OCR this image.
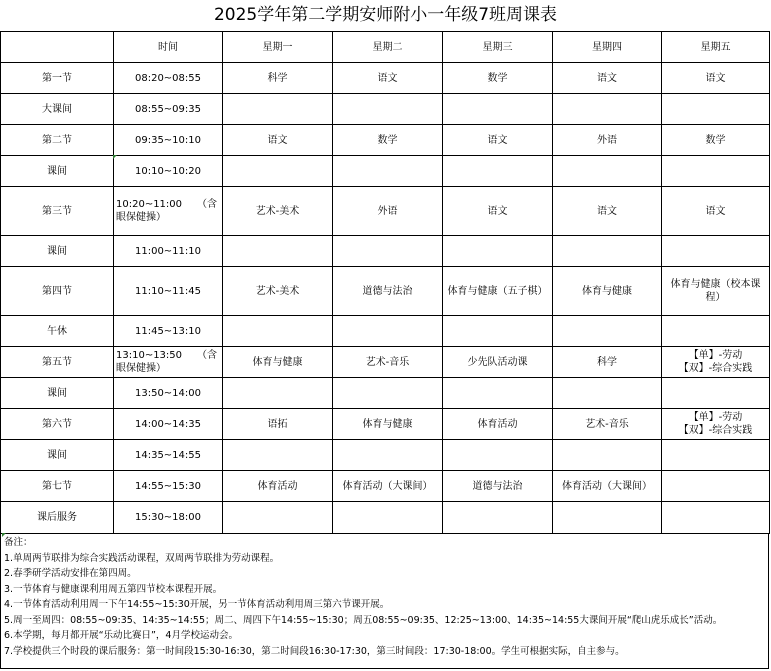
2025学年第二学期安师附小一年级7班周课表
	时间	星期一	星期二	星期三	星期四	星期五
第一节	08:20~08:55	科学	语文	数学	语文	语文
大课间	08:55~09:35					
第二节	09:35~10:10	语文	数学	语文	外语	数学
课间	10:10~10:20					
第三节	10:20~11:00　　（含眼保健操）	艺术-美术	外语	语文	语文	语文
课间	11:00~11:10					
第四节	11:10~11:45	艺术-美术	道德与法治	体育与健康（五子棋）	体育与健康	体育与健康（校本课程）
午休	11:45~13:10					
第五节	13:10~13:50　　（含眼保健操）	体育与健康	艺术-音乐	少先队活动课	科学	【单】-劳动
【双】-综合实践
课间	13:50~14:00					
第六节	14:00~14:35	语拓	体育与健康	体育活动	艺术-音乐	【单】-劳动
【双】-综合实践
课间	14:35~14:55					
第七节	14:55~15:30	体育活动	体育活动（大课间）	道德与法治	体育活动（大课间）	
课后服务	15:30~18:00					
备注：
1.单周两节联排为综合实践活动课程，双周两节联排为劳动课程。
2.春季研学活动安排在第四周。
3.一节体育与健康课利用周五第四节校本课程开展。
4.一节体育活动利用周一下午14:55~15:30开展，另一节体育活动利用周三第六节课开展。
5.周一至周四：08:55~09:35、14:35~14:55；周二、周四下午14:55~15:30；周五08:55~09:35、12:25~13:00、14:35~14:55大课间开展“爬山虎乐成长”活动。
6.本学期，每月都开展“乐动比赛日”，4月学校运动会。
7.学校提供三个时段的课后服务：第一时间段15:30-16:30，第二时间段16:30-17:30，第三时间段：17:30-18:00。学生可根据实际，自主参与。
